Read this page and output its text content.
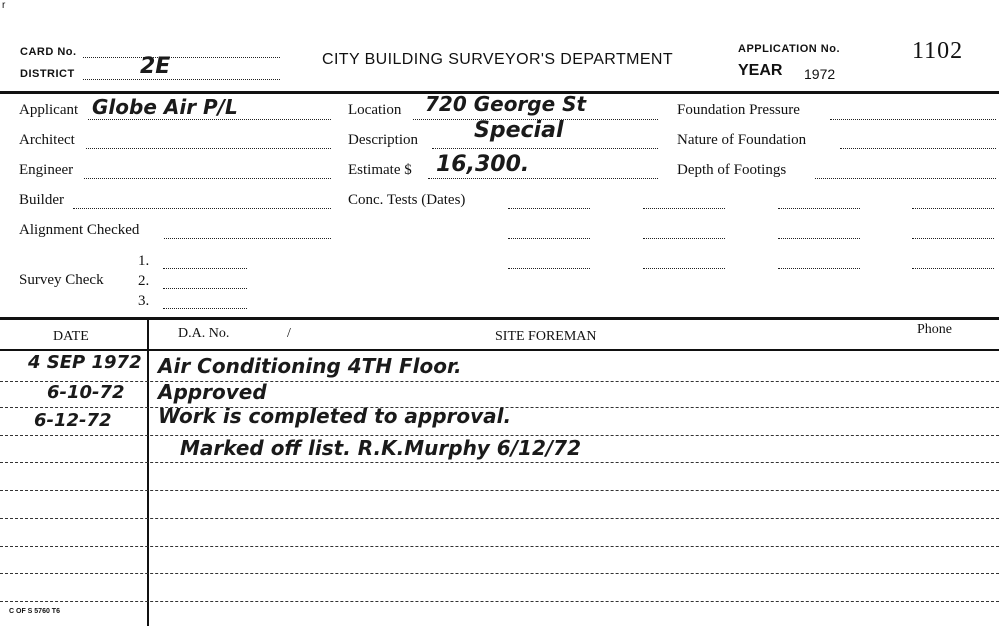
r
CARD No.
DISTRICT	2E	CITY BUILDING SURVEYOR'S DEPARTMENT
APPLICATION No.	1102
YEAR 1972
Applicant Globe Air P/L
Architect
Engineer
Builder
Alignment Checked
Survey Check
1.
2.
3.
Location 720 George St
Description	Special
Estimate $ 16,300.
Conc. Tests (Dates)
Foundation Pressure
Nature of Foundation
Depth of Footings
DATE	D.A. No.	/	SITE FOREMAN	Phone
4 SEP 1972 Air Conditioning 4TH Floor.
6-10-72 Approved
6-12-72 Work is completed to approval.
Marked off list. R.K.Murphy 6/12/72
C OF S 5760 T6
